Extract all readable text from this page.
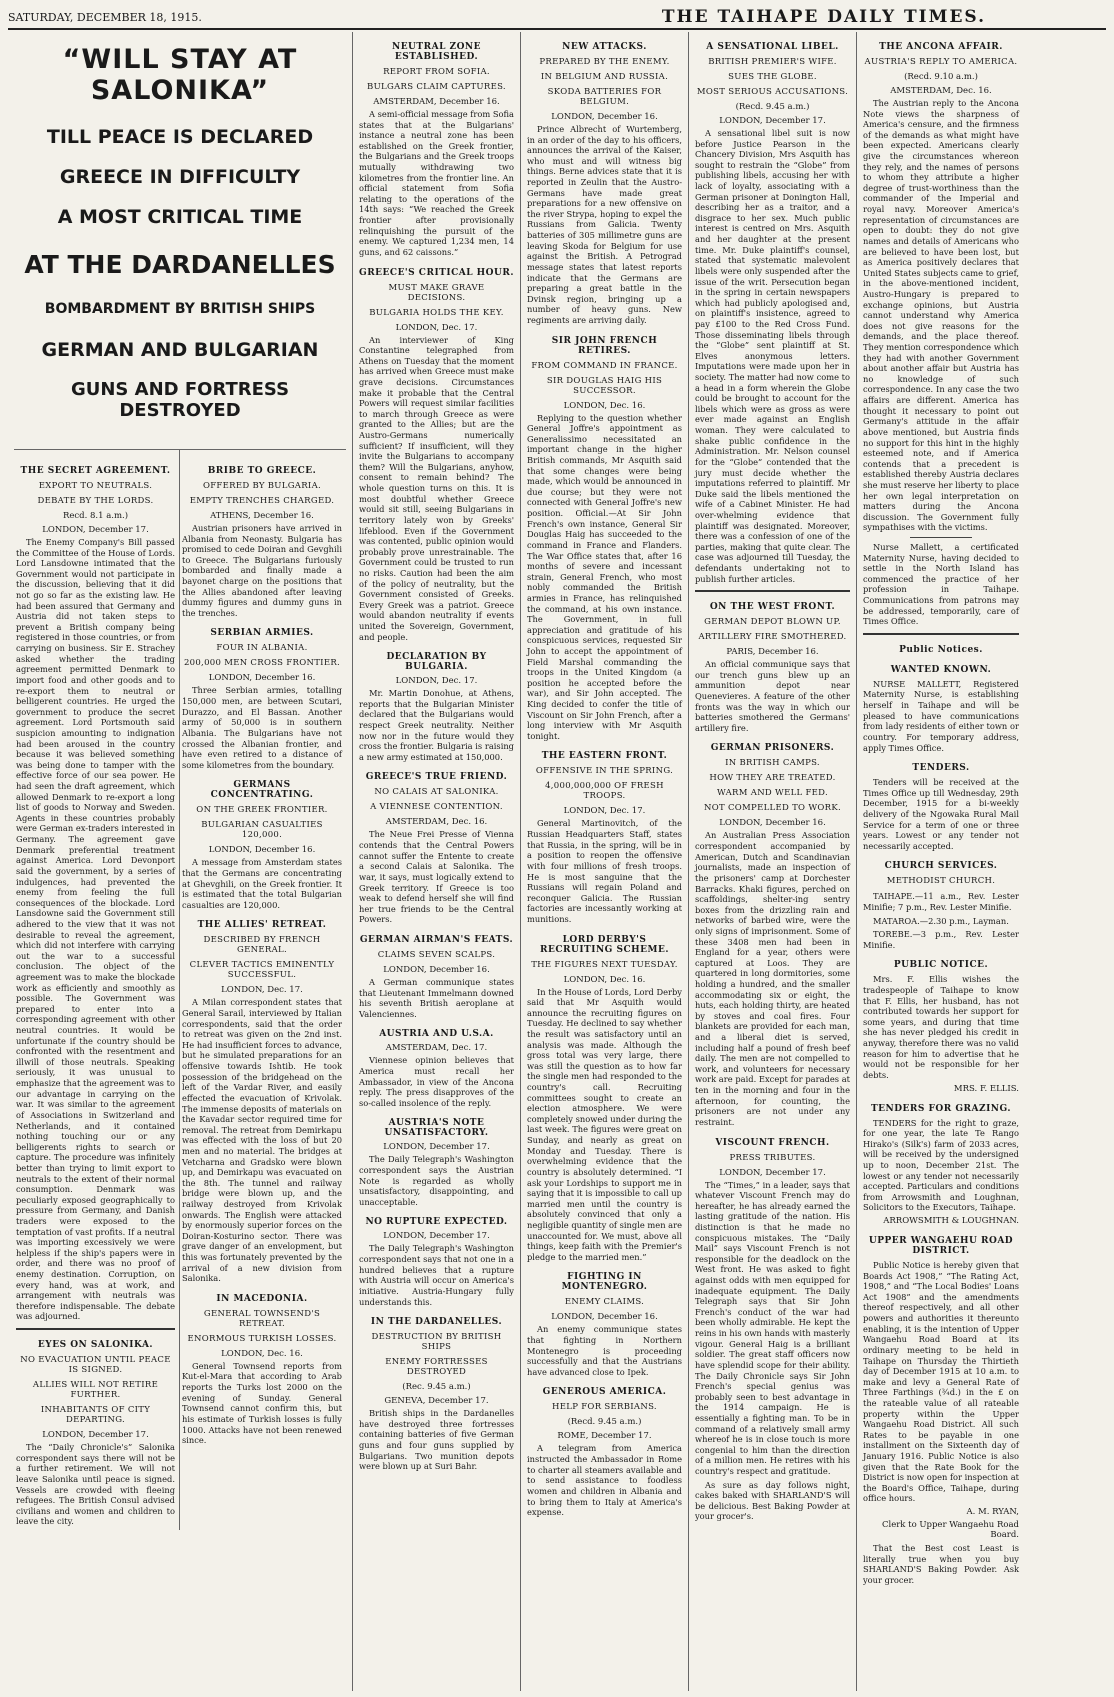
SATURDAY, DECEMBER 18, 1915.	THE TAIHAPE DAILY TIMES.
“WILL STAY AT SALONIKA”
TILL PEACE IS DECLARED
GREECE IN DIFFICULTY
A MOST CRITICAL TIME
AT THE DARDANELLES
BOMBARDMENT BY BRITISH SHIPS
GERMAN AND BULGARIAN
GUNS AND FORTRESS DESTROYED
THE SECRET AGREEMENT.
EXPORT TO NEUTRALS.
DEBATE BY THE LORDS.
Recd. 8.1 a.m.)
LONDON, December 17.

The Enemy Company's Bill passed the Committee of the House of Lords. Lord Lansdowne intimated that the Government would not participate in the discussion, believing that it did not go so far as the existing law. He had been assured that Germany and Austria did not taken steps to prevent a British company being registered in those countries, or from carrying on business. Sir E. Strachey asked whether the trading agreement permitted Denmark to import food and other goods and to re-export them to neutral or belligerent countries. He urged the government to produce the secret agreement. Lord Portsmouth said suspicion amounting to indignation had been aroused in the country because it was believed something was being done to tamper with the effective force of our sea power. He had seen the draft agreement, which allowed Denmark to re-export a long list of goods to Norway and Sweden. Agents in these countries probably were German ex-traders interested in Germany. The agreement gave Denmark preferential treatment against America. Lord Devonport said the government, by a series of indulgences, had prevented the enemy from feeling the full consequences of the blockade. Lord Lansdowne said the Government still adhered to the view that it was not desirable to reveal the agreement, which did not interfere with carrying out the war to a successful conclusion. The object of the agreement was to make the blockade work as efficiently and smoothly as possible. The Government was prepared to enter into a corresponding agreement with other neutral countries. It would be unfortunate if the country should be confronted with the resentment and illwill of those neutrals. Speaking seriously, it was unusual to emphasize that the agreement was to our advantage in carrying on the war. It was similar to the agreement of Associations in Switzerland and Netherlands, and it contained nothing touching our or any belligerents rights to search or capture. The procedure was infinitely better than trying to limit export to neutrals to the extent of their normal consumption. Denmark was peculiarly exposed geographically to pressure from Germany, and Danish traders were exposed to the temptation of vast profits. If a neutral was importing excessively we were helpless if the ship's papers were in order, and there was no proof of enemy destination. Corruption, on every hand, was at work, and arrangement with neutrals was therefore indispensable. The debate was adjourned.

EYES ON SALONIKA.
NO EVACUATION UNTIL PEACE IS SIGNED.
ALLIES WILL NOT RETIRE FURTHER.
INHABITANTS OF CITY DEPARTING.
LONDON, December 17.

The “Daily Chronicle's” Salonika correspondent says there will not be a further retirement. We will not leave Salonika until peace is signed. Vessels are crowded with fleeing refugees. The British Consul advised civilians and women and children to leave the city.

BRIBE TO GREECE.
OFFERED BY BULGARIA.
EMPTY TRENCHES CHARGED.
ATHENS, December 16.

Austrian prisoners have arrived in Albania from Neonasty. Bulgaria has promised to cede Doiran and Gevghili to Greece. The Bulgarians furiously bombarded and finally made a bayonet charge on the positions that the Allies abandoned after leaving dummy figures and dummy guns in the trenches.

SERBIAN ARMIES.
FOUR IN ALBANIA.
200,000 MEN CROSS FRONTIER.
LONDON, December 16.

Three Serbian armies, totalling 150,000 men, are between Scutari, Durazzo, and El Bassan. Another army of 50,000 is in southern Albania. The Bulgarians have not crossed the Albanian frontier, and have even retired to a distance of some kilometres from the boundary.

GERMANS CONCENTRATING.
ON THE GREEK FRONTIER.
BULGARIAN CASUALTIES 120,000.
LONDON, December 16.

A message from Amsterdam states that the Germans are concentrating at Ghevghili, on the Greek frontier. It is estimated that the total Bulgarian casualties are 120,000.

THE ALLIES' RETREAT.
DESCRIBED BY FRENCH GENERAL.
CLEVER TACTICS EMINENTLY SUCCESSFUL.
LONDON, Dec. 17.

A Milan correspondent states that General Sarail, interviewed by Italian correspondents, said that the order to retreat was given on the 2nd inst. He had insufficient forces to advance, but he simulated preparations for an offensive towards Ishtib. He took possession of the bridgehead on the left of the Vardar River, and easily effected the evacuation of Krivolak. The immense deposits of materials on the Kavadar sector required time for removal. The retreat from Demirkapu was effected with the loss of but 20 men and no material. The bridges at Vetcharna and Gradsko were blown up, and Demirkapu was evacuated on the 8th. The tunnel and railway bridge were blown up, and the railway destroyed from Krivolak onwards. The English were attacked by enormously superior forces on the Doiran-Kosturino sector. There was grave danger of an envelopment, but this was fortunately prevented by the arrival of a new division from Salonika.

IN MACEDONIA.
GENERAL TOWNSEND'S RETREAT.
ENORMOUS TURKISH LOSSES.
LONDON, Dec. 16.

General Townsend reports from Kut-el-Mara that according to Arab reports the Turks lost 2000 on the evening of Sunday. General Townsend cannot confirm this, but his estimate of Turkish losses is fully 1000. Attacks have not been renewed since.

NEUTRAL ZONE ESTABLISHED.
REPORT FROM SOFIA.
BULGARS CLAIM CAPTURES.
AMSTERDAM, December 16.

A semi-official message from Sofia states that at the Bulgarians' instance a neutral zone has been established on the Greek frontier, the Bulgarians and the Greek troops mutually withdrawing two kilometres from the frontier line. An official statement from Sofia relating to the operations of the 14th says: “We reached the Greek frontier after provisionally relinquishing the pursuit of the enemy. We captured 1,234 men, 14 guns, and 62 caissons.”

GREECE'S CRITICAL HOUR.
MUST MAKE GRAVE DECISIONS.
BULGARIA HOLDS THE KEY.
LONDON, Dec. 17.

An interviewer of King Constantine telegraphed from Athens on Tuesday that the moment has arrived when Greece must make grave decisions. Circumstances make it probable that the Central Powers will request similar facilities to march through Greece as were granted to the Allies; but are the Austro-Germans numerically sufficient? If insufficient, will they invite the Bulgarians to accompany them? Will the Bulgarians, anyhow, consent to remain behind? The whole question turns on this. It is most doubtful whether Greece would sit still, seeing Bulgarians in territory lately won by Greeks' lifeblood. Even if the Government was contented, public opinion would probably prove unrestrainable. The Government could be trusted to run no risks. Caution had been the aim of the policy of neutrality, but the Government consisted of Greeks. Every Greek was a patriot. Greece would abandon neutrality if events united the Sovereign, Government, and people.

DECLARATION BY BULGARIA.
LONDON, Dec. 17.

Mr. Martin Donohue, at Athens, reports that the Bulgarian Minister declared that the Bulgarians would respect Greek neutrality. Neither now nor in the future would they cross the frontier. Bulgaria is raising a new army estimated at 150,000.

GREECE'S TRUE FRIEND.
NO CALAIS AT SALONIKA.
A VIENNESE CONTENTION.
AMSTERDAM, Dec. 16.

The Neue Frei Presse of Vienna contends that the Central Powers cannot suffer the Entente to create a second Calais at Salonika. The war, it says, must logically extend to Greek territory. If Greece is too weak to defend herself she will find her true friends to be the Central Powers.

GERMAN AIRMAN'S FEATS.
CLAIMS SEVEN SCALPS.
LONDON, December 16.

A German communique states that Lieutenant Immelmann downed his seventh British aeroplane at Valenciennes.

AUSTRIA AND U.S.A.
AMSTERDAM, Dec. 17.

Viennese opinion believes that America must recall her Ambassador, in view of the Ancona reply. The press disapproves of the so-called insolence of the reply.

AUSTRIA'S NOTE UNSATISFACTORY.
LONDON, December 17.

The Daily Telegraph's Washington correspondent says the Austrian Note is regarded as wholly unsatisfactory, disappointing, and unacceptable.

NO RUPTURE EXPECTED.
LONDON, December 17.

The Daily Telegraph's Washington correspondent says that not one in a hundred believes that a rupture with Austria will occur on America's initiative. Austria-Hungary fully understands this.

IN THE DARDANELLES.
DESTRUCTION BY BRITISH SHIPS
ENEMY FORTRESSES DESTROYED
(Rec. 9.45 a.m.)
GENEVA, December 17.

British ships in the Dardanelles have destroyed three fortresses containing batteries of five German guns and four guns supplied by Bulgarians. Two munition depots were blown up at Suri Bahr.

NEW ATTACKS.
PREPARED BY THE ENEMY.
IN BELGIUM AND RUSSIA.
SKODA BATTERIES FOR BELGIUM.
LONDON, December 16.

Prince Albrecht of Wurtemberg, in an order of the day to his officers, announces the arrival of the Kaiser, who must and will witness big things. Berne advices state that it is reported in Zeulin that the Austro-Germans have made great preparations for a new offensive on the river Strypa, hoping to expel the Russians from Galicia. Twenty batteries of 305 millimetre guns are leaving Skoda for Belgium for use against the British. A Petrograd message states that latest reports indicate that the Germans are preparing a great battle in the Dvinsk region, bringing up a number of heavy guns. New regiments are arriving daily.

SIR JOHN FRENCH RETIRES.
FROM COMMAND IN FRANCE.
SIR DOUGLAS HAIG HIS SUCCESSOR.
LONDON, Dec. 16.

Replying to the question whether General Joffre's appointment as Generalissimo necessitated an important change in the higher British commands, Mr Asquith said that some changes were being made, which would be announced in due course; but they were not connected with General Joffre's new position. Official.—At Sir John French's own instance, General Sir Douglas Haig has succeeded to the command in France and Flanders. The War Office states that, after 16 months of severe and incessant strain, General French, who most nobly commanded the British armies in France, has relinquished the command, at his own instance. The Government, in full appreciation and gratitude of his conspicuous services, requested Sir John to accept the appointment of Field Marshal commanding the troops in the United Kingdom (a position he accepted before the war), and Sir John accepted. The King decided to confer the title of Viscount on Sir John French, after a long interview with Mr Asquith tonight.

THE EASTERN FRONT.
OFFENSIVE IN THE SPRING.
4,000,000,000 OF FRESH TROOPS.
LONDON, Dec. 17.

General Martinovitch, of the Russian Headquarters Staff, states that Russia, in the spring, will be in a position to reopen the offensive with four millions of fresh troops. He is most sanguine that the Russians will regain Poland and reconquer Galicia. The Russian factories are incessantly working at munitions.

LORD DERBY'S RECRUITING SCHEME.
THE FIGURES NEXT TUESDAY.
LONDON, Dec. 16.

In the House of Lords, Lord Derby said that Mr Asquith would announce the recruiting figures on Tuesday. He declined to say whether the result was satisfactory until an analysis was made. Although the gross total was very large, there was still the question as to how far the single men had responded to the country's call. Recruiting committees sought to create an election atmosphere. We were completely snowed under during the last week. The figures were great on Sunday, and nearly as great on Monday and Tuesday. There is overwhelming evidence that the country is absolutely determined. “I ask your Lordships to support me in saying that it is impossible to call up married men until the country is absolutely convinced that only a negligible quantity of single men are unaccounted for. We must, above all things, keep faith with the Premier's pledge to the married men.”

FIGHTING IN MONTENEGRO.
ENEMY CLAIMS.
LONDON, December 16.

An enemy communique states that fighting in Northern Montenegro is proceeding successfully and that the Austrians have advanced close to Ipek.

GENEROUS AMERICA.
HELP FOR SERBIANS.
(Recd. 9.45 a.m.)
ROME, December 17.

A telegram from America instructed the Ambassador in Rome to charter all steamers available and to send assistance to foodless women and children in Albania and to bring them to Italy at America's expense.

A SENSATIONAL LIBEL.
BRITISH PREMIER'S WIFE.
SUES THE GLOBE.
MOST SERIOUS ACCUSATIONS.
(Recd. 9.45 a.m.)
LONDON, December 17.

A sensational libel suit is now before Justice Pearson in the Chancery Division, Mrs Asquith has sought to restrain the “Globe” from publishing libels, accusing her with lack of loyalty, associating with a German prisoner at Donington Hall, describing her as a traitor, and a disgrace to her sex. Much public interest is centred on Mrs. Asquith and her daughter at the present time. Mr. Duke plaintiff's counsel, stated that systematic malevolent libels were only suspended after the issue of the writ. Persecution began in the spring in certain newspapers which had publicly apologised and, on plaintiff's insistence, agreed to pay £100 to the Red Cross Fund. Those disseminating libels through the “Globe” sent plaintiff at St. Elves anonymous letters. Imputations were made upon her in society. The matter had now come to a head in a form wherein the Globe could be brought to account for the libels which were as gross as were ever made against an English woman. They were calculated to shake public confidence in the Administration. Mr. Nelson counsel for the “Globe” contended that the jury must decide whether the imputations referred to plaintiff. Mr Duke said the libels mentioned the wife of a Cabinet Minister. He had over-whelming evidence that plaintiff was designated. Moreover, there was a confession of one of the parties, making that quite clear. The case was adjourned till Tuesday, the defendants undertaking not to publish further articles.

ON THE WEST FRONT.
GERMAN DEPOT BLOWN UP.
ARTILLERY FIRE SMOTHERED.
PARIS, December 16.

An official communique says that our trench guns blew up an ammunition depot near Quenevieres. A feature of the other fronts was the way in which our batteries smothered the Germans' artillery fire.

GERMAN PRISONERS.
IN BRITISH CAMPS.
HOW THEY ARE TREATED.
WARM AND WELL FED.
NOT COMPELLED TO WORK.
LONDON, December 16.

An Australian Press Association correspondent accompanied by American, Dutch and Scandinavian journalists, made an inspection of the prisoners' camp at Dorchester Barracks. Khaki figures, perched on scaffoldings, shelter-ing sentry boxes from the drizzling rain and networks of barbed wire, were the only signs of imprisonment. Some of these 3408 men had been in England for a year, others were captured at Loos. They are quartered in long dormitories, some holding a hundred, and the smaller accommodating six or eight, the huts, each holding thirty, are heated by stoves and coal fires. Four blankets are provided for each man, and a liberal diet is served, including half a pound of fresh beef daily. The men are not compelled to work, and volunteers for necessary work are paid. Except for parades at ten in the morning and four in the afternoon, for counting, the prisoners are not under any restraint.

VISCOUNT FRENCH.
PRESS TRIBUTES.
LONDON, December 17.

The “Times,” in a leader, says that whatever Viscount French may do hereafter, he has already earned the lasting gratitude of the nation. His distinction is that he made no conspicuous mistakes. The “Daily Mail” says Viscount French is not responsible for the deadlock on the West front. He was asked to fight against odds with men equipped for inadequate equipment. The Daily Telegraph says that Sir John French's conduct of the war had been wholly admirable. He kept the reins in his own hands with masterly vigour. General Haig is a brilliant soldier. The great staff officers now have splendid scope for their ability. The Daily Chronicle says Sir John French's special genius was probably seen to best advantage in the 1914 campaign. He is essentially a fighting man. To be in command of a relatively small army whereof he is in close touch is more congenial to him than the direction of a million men. He retires with his country's respect and gratitude.

As sure as day follows night, cakes baked with SHARLAND'S will be delicious. Best Baking Powder at your grocer's.

THE ANCONA AFFAIR.
AUSTRIA'S REPLY TO AMERICA.
(Recd. 9.10 a.m.)
AMSTERDAM, Dec. 16.

The Austrian reply to the Ancona Note views the sharpness of America's censure, and the firmness of the demands as what might have been expected. Americans clearly give the circumstances whereon they rely, and the names of persons to whom they attribute a higher degree of trust-worthiness than the commander of the Imperial and royal navy. Moreover America's representation of circumstances are open to doubt: they do not give names and details of Americans who are believed to have been lost, but as America positively declares that United States subjects came to grief, in the above-mentioned incident, Austro-Hungary is prepared to exchange opinions, but Austria cannot understand why America does not give reasons for the demands, and the place thereof. They mention correspondence which they had with another Government about another affair but Austria has no knowledge of such correspondence. In any case the two affairs are different. America has thought it necessary to point out Germany's attitude in the affair above mentioned, but Austria finds no support for this hint in the highly esteemed note, and if America contends that a precedent is established thereby Austria declares she must reserve her liberty to place her own legal interpretation on matters during the Ancona discussion. The Government fully sympathises with the victims.

Nurse Mallett, a certificated Maternity Nurse, having decided to settle in the North Island has commenced the practice of her profession in Taihape. Communications from patrons may be addressed, temporarily, care of Times Office.

Public Notices.
WANTED KNOWN.

NURSE MALLETT, Registered Maternity Nurse, is establishing herself in Taihape and will be pleased to have communications from lady residents of either town or country. For temporary address, apply Times Office.

TENDERS.

Tenders will be received at the Times Office up till Wednesday, 29th December, 1915 for a bi-weekly delivery of the Ngowaka Rural Mail Service for a term of one or three years. Lowest or any tender not necessarily accepted.

CHURCH SERVICES.
METHODIST CHURCH.

TAIHAPE.—11 a.m., Rev. Lester Minifie; 7 p.m., Rev. Lester Minifie.

MATAROA.—2.30 p.m., Layman.

TOREBE.—3 p.m., Rev. Lester Minifie.

PUBLIC NOTICE.

Mrs. F. Ellis wishes the tradespeople of Taihape to know that F. Ellis, her husband, has not contributed towards her support for some years, and during that time she has never pledged his credit in anyway, therefore there was no valid reason for him to advertise that he would not be responsible for her debts.

MRS. F. ELLIS.
TENDERS FOR GRAZING.

TENDERS for the right to graze, for one year, the late Te Rango Hirako's (Silk's) farm of 2033 acres, will be received by the undersigned up to noon, December 21st. The lowest or any tender not necessarily accepted. Particulars and conditions from Arrowsmith and Loughnan, Solicitors to the Executors, Taihape.

ARROWSMITH & LOUGHNAN.
UPPER WANGAEHU ROAD DISTRICT.

Public Notice is hereby given that Boards Act 1908,” “The Rating Act, 1908,” and “The Local Bodies' Loans Act 1908” and the amendments thereof respectively, and all other powers and authorities it thereunto enabling, it is the intention of Upper Wangaehu Road Board at its ordinary meeting to be held in Taihape on Thursday the Thirtieth day of December 1915 at 10 a.m. to make and levy a General Rate of Three Farthings (¾d.) in the £ on the rateable value of all rateable property within the Upper Wangaehu Road District. All such Rates to be payable in one installment on the Sixteenth day of January 1916. Public Notice is also given that the Rate Book for the District is now open for inspection at the Board's Office, Taihape, during office hours.

A. M. RYAN,
Clerk to Upper Wangaehu Road Board.

That the Best cost Least is literally true when you buy SHARLAND'S Baking Powder. Ask your grocer.
